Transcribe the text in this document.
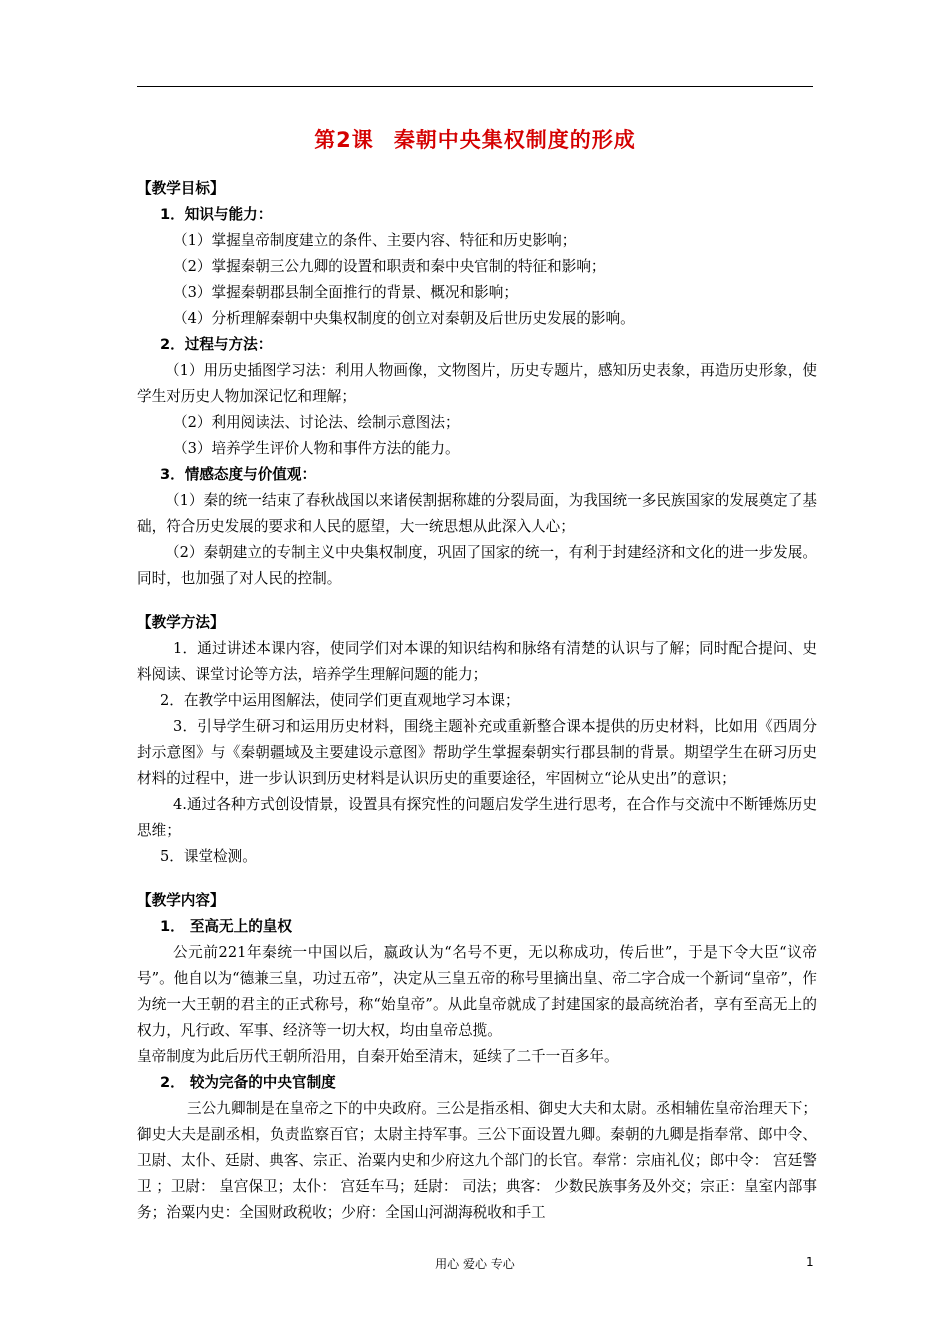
第2课 秦朝中央集权制度的形成

【教学目标】

1．知识与能力：

（1）掌握皇帝制度建立的条件、主要内容、特征和历史影响；

（2）掌握秦朝三公九卿的设置和职责和秦中央官制的特征和影响；

（3）掌握秦朝郡县制全面推行的背景、概况和影响；

（4）分析理解秦朝中央集权制度的创立对秦朝及后世历史发展的影响。

2．过程与方法：

（1）用历史插图学习法：利用人物画像，文物图片，历史专题片，感知历史表象，再造历史形象，使学生对历史人物加深记忆和理解；

（2）利用阅读法、讨论法、绘制示意图法；

（3）培养学生评价人物和事件方法的能力。

3．情感态度与价值观：

（1）秦的统一结束了春秋战国以来诸侯割据称雄的分裂局面，为我国统一多民族国家的发展奠定了基础，符合历史发展的要求和人民的愿望，大一统思想从此深入人心；

（2）秦朝建立的专制主义中央集权制度，巩固了国家的统一，有利于封建经济和文化的进一步发展。同时，也加强了对人民的控制。

【教学方法】

1．通过讲述本课内容，使同学们对本课的知识结构和脉络有清楚的认识与了解；同时配合提问、史料阅读、课堂讨论等方法，培养学生理解问题的能力；

2．在教学中运用图解法，使同学们更直观地学习本课；

3．引导学生研习和运用历史材料，围绕主题补充或重新整合课本提供的历史材料，比如用《西周分封示意图》与《秦朝疆域及主要建设示意图》帮助学生掌握秦朝实行郡县制的背景。期望学生在研习历史材料的过程中，进一步认识到历史材料是认识历史的重要途径，牢固树立“论从史出”的意识；

4.通过各种方式创设情景，设置具有探究性的问题启发学生进行思考，在合作与交流中不断锤炼历史思维；

5．课堂检测。

【教学内容】

1． 至高无上的皇权

公元前221年秦统一中国以后，嬴政认为“名号不更，无以称成功，传后世”，于是下令大臣“议帝号”。他自以为“德兼三皇，功过五帝”，决定从三皇五帝的称号里摘出皇、帝二字合成一个新词“皇帝”，作为统一大王朝的君主的正式称号，称“始皇帝”。从此皇帝就成了封建国家的最高统治者，享有至高无上的权力，凡行政、军事、经济等一切大权，均由皇帝总揽。

皇帝制度为此后历代王朝所沿用，自秦开始至清末，延续了二千一百多年。

2． 较为完备的中央官制度

三公九卿制是在皇帝之下的中央政府。三公是指丞相、御史大夫和太尉。丞相辅佐皇帝治理天下；御史大夫是副丞相，负责监察百官；太尉主持军事。三公下面设置九卿。秦朝的九卿是指奉常、郎中令、卫尉、太仆、廷尉、典客、宗正、治粟内史和少府这九个部门的长官。奉常：宗庙礼仪；郎中令： 宫廷警卫 ；卫尉： 皇宫保卫；太仆： 宫廷车马；廷尉： 司法；典客： 少数民族事务及外交；宗正：皇室内部事务；治粟内史：全国财政税收；少府：全国山河湖海税收和手工

用心 爱心 专心	1
